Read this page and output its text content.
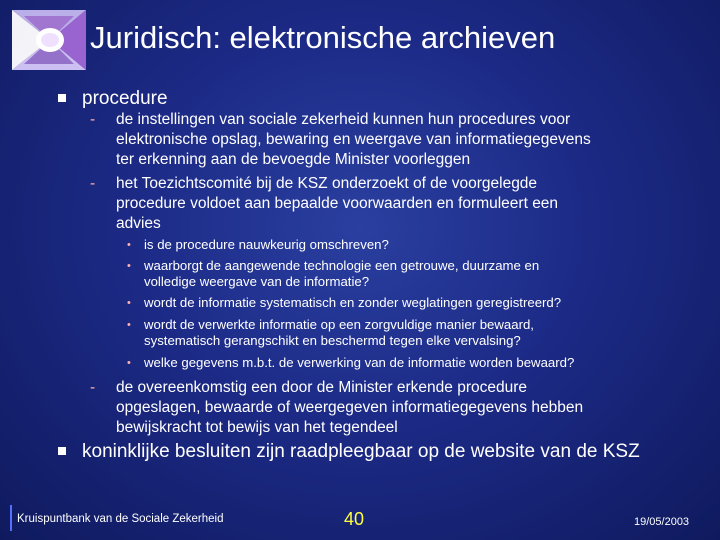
Juridisch: elektronische archieven
procedure
- de instellingen van sociale zekerheid kunnen hun procedures voor
elektronische opslag, bewaring en weergave van informatiegegevens
ter erkenning aan de bevoegde Minister voorleggen
- het Toezichtscomité bij de KSZ onderzoekt of de voorgelegde
procedure voldoet aan bepaalde voorwaarden en formuleert een
advies
• is de procedure nauwkeurig omschreven?
• waarborgt de aangewende technologie een getrouwe, duurzame en
volledige weergave van de informatie?
• wordt de informatie systematisch en zonder weglatingen geregistreerd?
• wordt de verwerkte informatie op een zorgvuldige manier bewaard,
systematisch gerangschikt en beschermd tegen elke vervalsing?
• welke gegevens m.b.t. de verwerking van de informatie worden bewaard?
- de overeenkomstig een door de Minister erkende procedure
opgeslagen, bewaarde of weergegeven informatiegegevens hebben
bewijskracht tot bewijs van het tegendeel
koninklijke besluiten zijn raadpleegbaar op de website van de KSZ
Kruispuntbank van de Sociale Zekerheid	40	19/05/2003
